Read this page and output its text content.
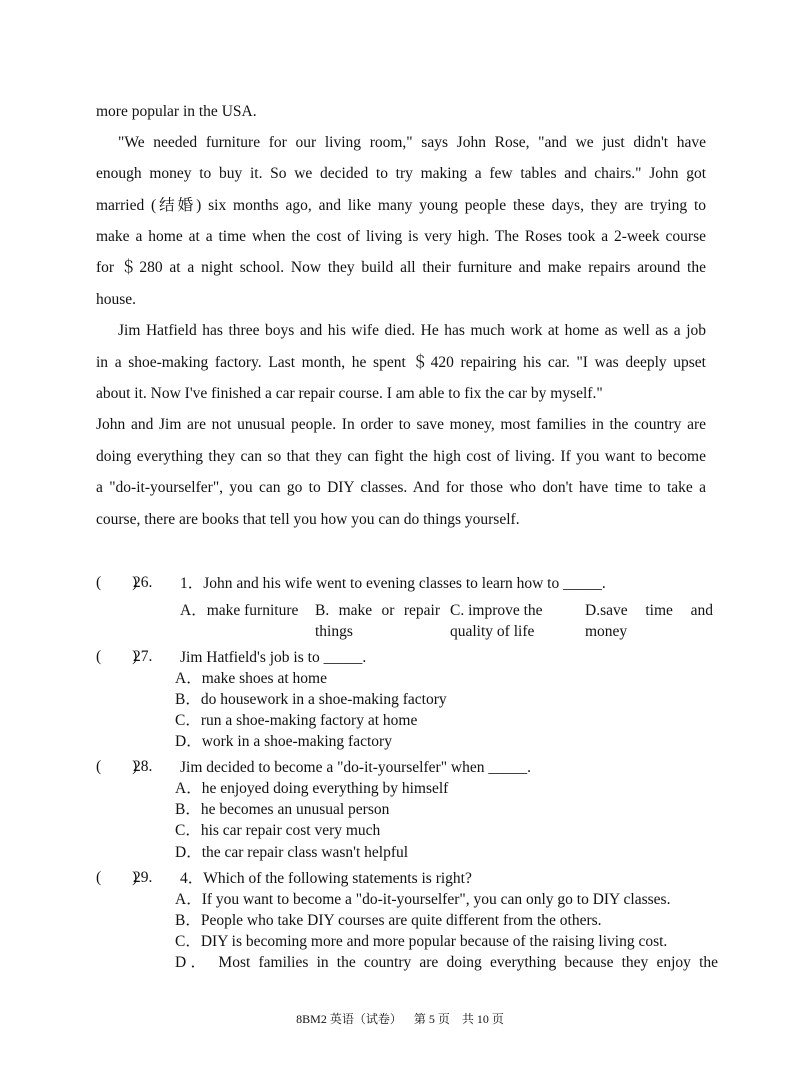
more popular in the USA.
"We needed furniture for our living room," says John Rose, "and we just didn't have
enough money to buy it. So we decided to try making a few tables and chairs." John got
married (结婚) six months ago, and like many young people these days, they are trying to
make a home at a time when the cost of living is very high. The Roses took a 2-week course
for ＄280 at a night school. Now they build all their furniture and make repairs around the
house.
Jim Hatfield has three boys and his wife died. He has much work at home as well as a job
in a shoe-making factory. Last month, he spent ＄420 repairing his car. "I was deeply upset
about it. Now I've finished a car repair course. I am able to fix the car by myself."
John and Jim are not unusual people. In order to save money, most families in the country are
doing everything they can so that they can fight the high cost of living. If you want to become
a "do-it-yourselfer", you can go to DIY classes. And for those who don't have time to take a
course, there are books that tell you how you can do things yourself.
(        )
26. 1．John and his wife went to evening classes to learn how to _____.
A．make furniture	B. make or repair things
C. improve the quality of life
D.save time and money
(        )
27. Jim Hatfield's job is to _____.
A．make shoes at home
B．do housework in a shoe-making factory
C．run a shoe-making factory at home
D．work in a shoe-making factory
(        )
28. Jim decided to become a "do-it-yourselfer" when _____.
A．he enjoyed doing everything by himself
B．he becomes an unusual person
C．his car repair cost very much
D．the car repair class wasn't helpful
(        )
29. 4．Which of the following statements is right?
A．If you want to become a "do-it-yourselfer", you can only go to DIY classes.
B．People who take DIY courses are quite different from the others.
C．DIY is becoming more and more popular because of the raising living cost.
D． Most families in the country are doing everything because they enjoy the
8BM2 英语（试卷）    第 5 页    共 10 页
